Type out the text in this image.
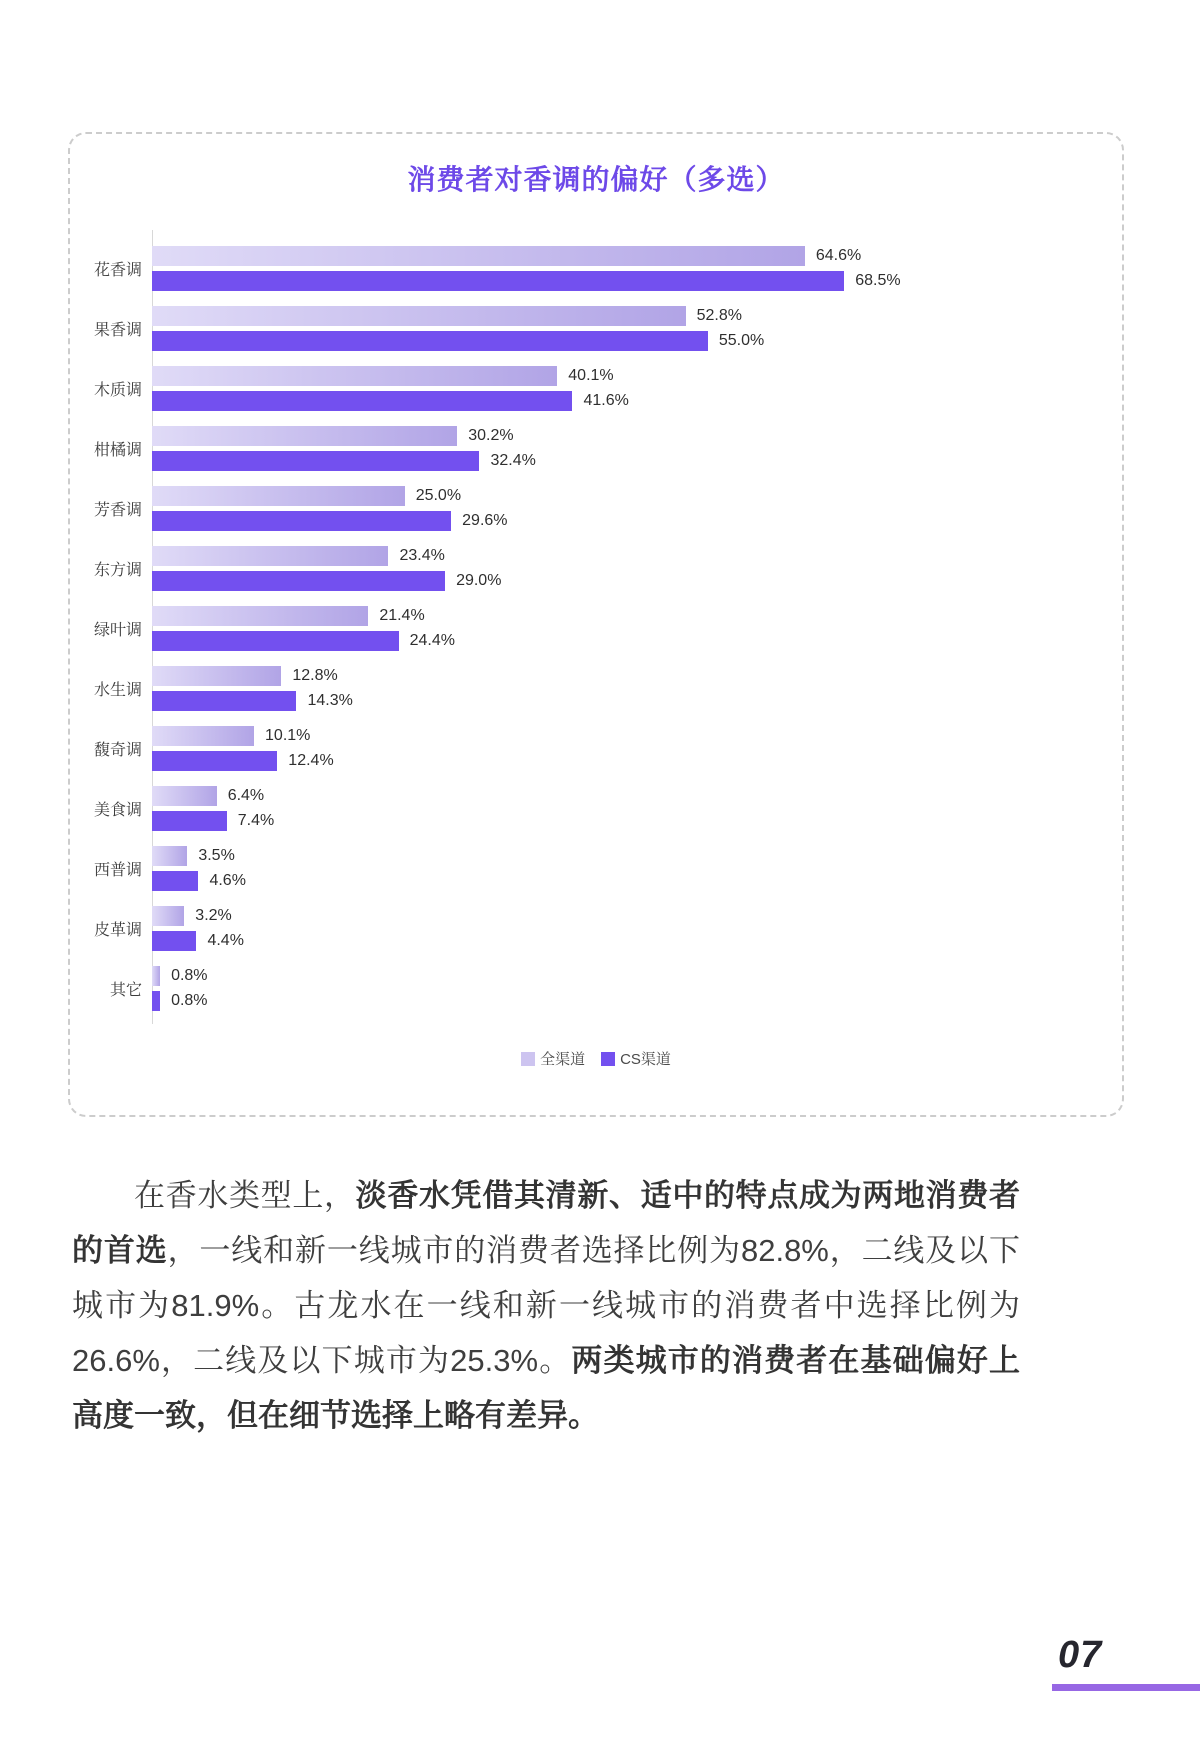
消费者对香调的偏好（多选）
花香调
64.6%
68.5%
果香调
52.8%
55.0%
木质调
40.1%
41.6%
柑橘调
30.2%
32.4%
芳香调
25.0%
29.6%
东方调
23.4%
29.0%
绿叶调
21.4%
24.4%
水生调
12.8%
14.3%
馥奇调
10.1%
12.4%
美食调
6.4%
7.4%
西普调
3.5%
4.6%
皮革调
3.2%
4.4%
其它
0.8%
0.8%
全渠道 CS渠道

在香水类型上，淡香水凭借其清新、适中的特点成为两地消费者的首选，一线和新一线城市的消费者选择比例为82.8%，二线及以下城市为81.9%。古龙水在一线和新一线城市的消费者中选择比例为26.6%，二线及以下城市为25.3%。两类城市的消费者在基础偏好上高度一致，但在细节选择上略有差异。

07
